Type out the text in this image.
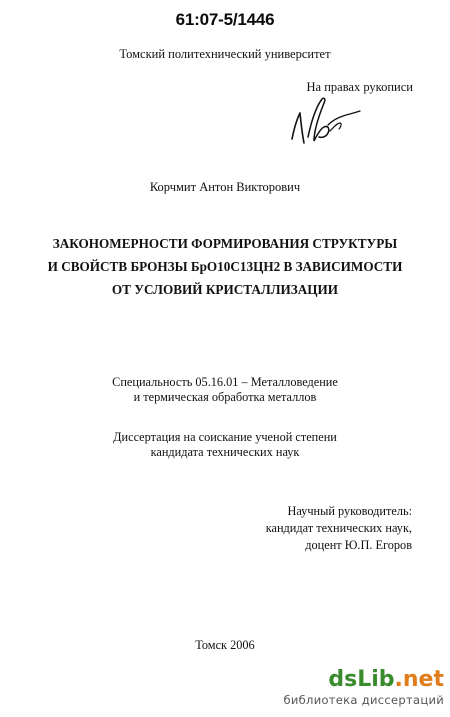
61:07-5/1446
Томский политехнический университет
На правах рукописи
Корчмит Антон Викторович
ЗАКОНОМЕРНОСТИ ФОРМИРОВАНИЯ СТРУКТУРЫ
И СВОЙСТВ БРОНЗЫ БрО10С13ЦН2 В ЗАВИСИМОСТИ
ОТ УСЛОВИЙ КРИСТАЛЛИЗАЦИИ
Специальность 05.16.01 – Металловедение
и термическая обработка металлов
Диссертация на соискание ученой степени
кандидата технических наук
Научный руководитель:
кандидат технических наук,
доцент Ю.П. Егоров
Томск 2006
dsLib.net
библиотека диссертаций
